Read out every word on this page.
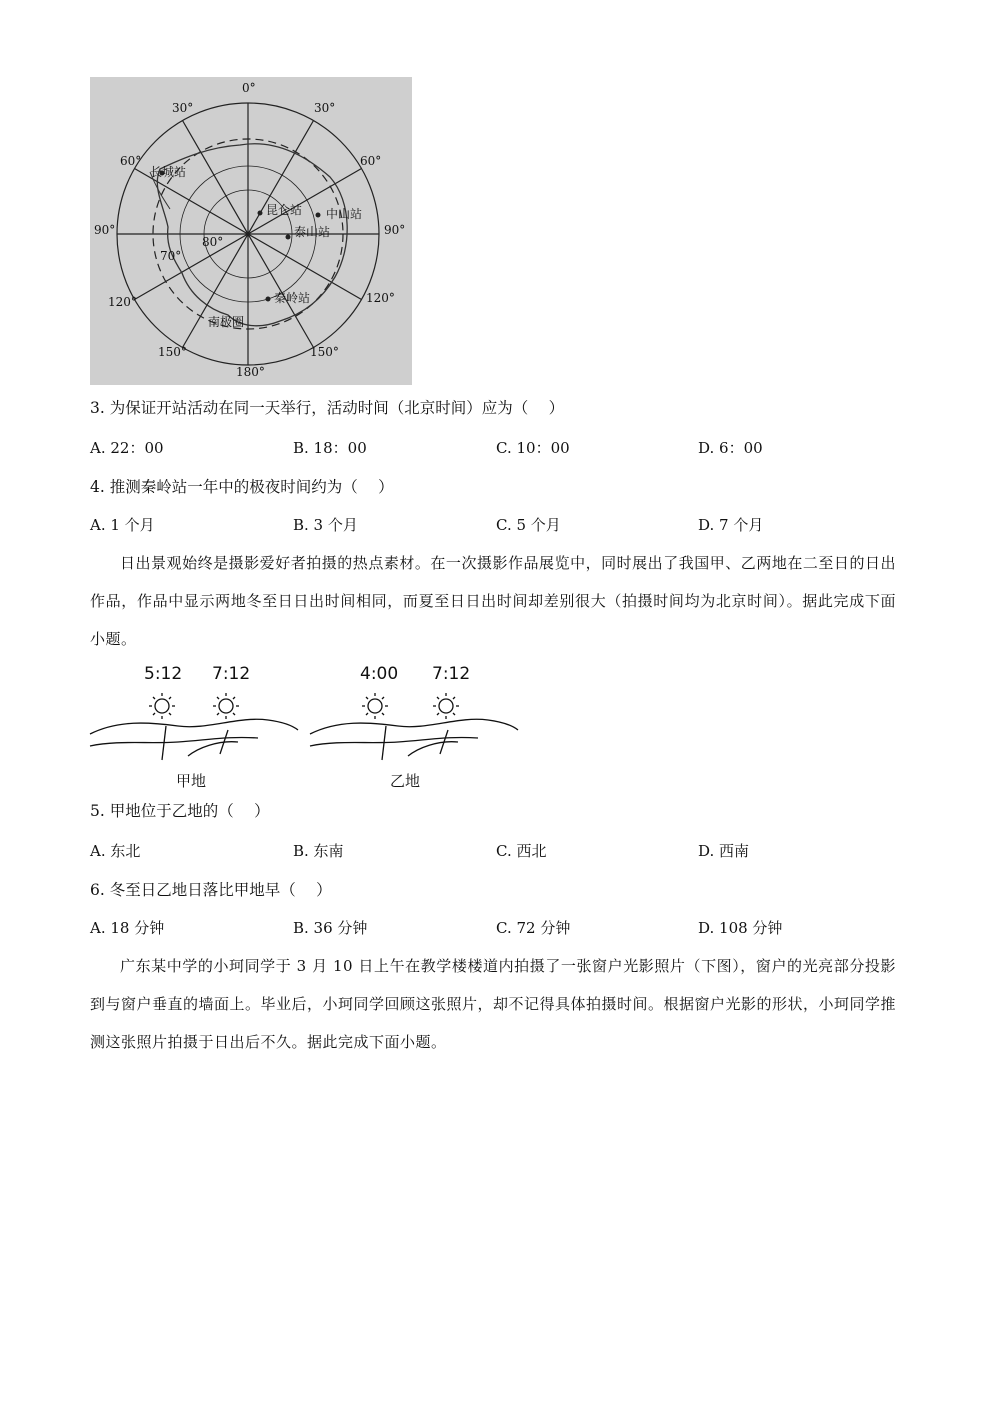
0°
30°	30°
60°	60°
90°	90°
120°	120°
150°	150°
180°
80°
70°
长城站
昆仑站 中山站
泰山站
秦岭站
南极圈
3. 为保证开站活动在同一天举行，活动时间（北京时间）应为（　 ）
A. 22：00	B. 18：00	C. 10：00	D. 6：00
4. 推测秦岭站一年中的极夜时间约为（　 ）
A. 1 个月	B. 3 个月	C. 5 个月	D. 7 个月
日出景观始终是摄影爱好者拍摄的热点素材。在一次摄影作品展览中，同时展出了我国甲、乙两地在二至日的日出作品，作品中显示两地冬至日日出时间相同，而夏至日日出时间却差别很大（拍摄时间均为北京时间）。据此完成下面小题。
5:12 7:12
甲地
4:00 7:12
乙地
5. 甲地位于乙地的（　 ）
A. 东北	B. 东南	C. 西北	D. 西南
6. 冬至日乙地日落比甲地早（　 ）
A. 18 分钟	B. 36 分钟	C. 72 分钟	D. 108 分钟
广东某中学的小珂同学于 3 月 10 日上午在教学楼楼道内拍摄了一张窗户光影照片（下图），窗户的光亮部分投影到与窗户垂直的墙面上。毕业后，小珂同学回顾这张照片，却不记得具体拍摄时间。根据窗户光影的形状，小珂同学推测这张照片拍摄于日出后不久。据此完成下面小题。
